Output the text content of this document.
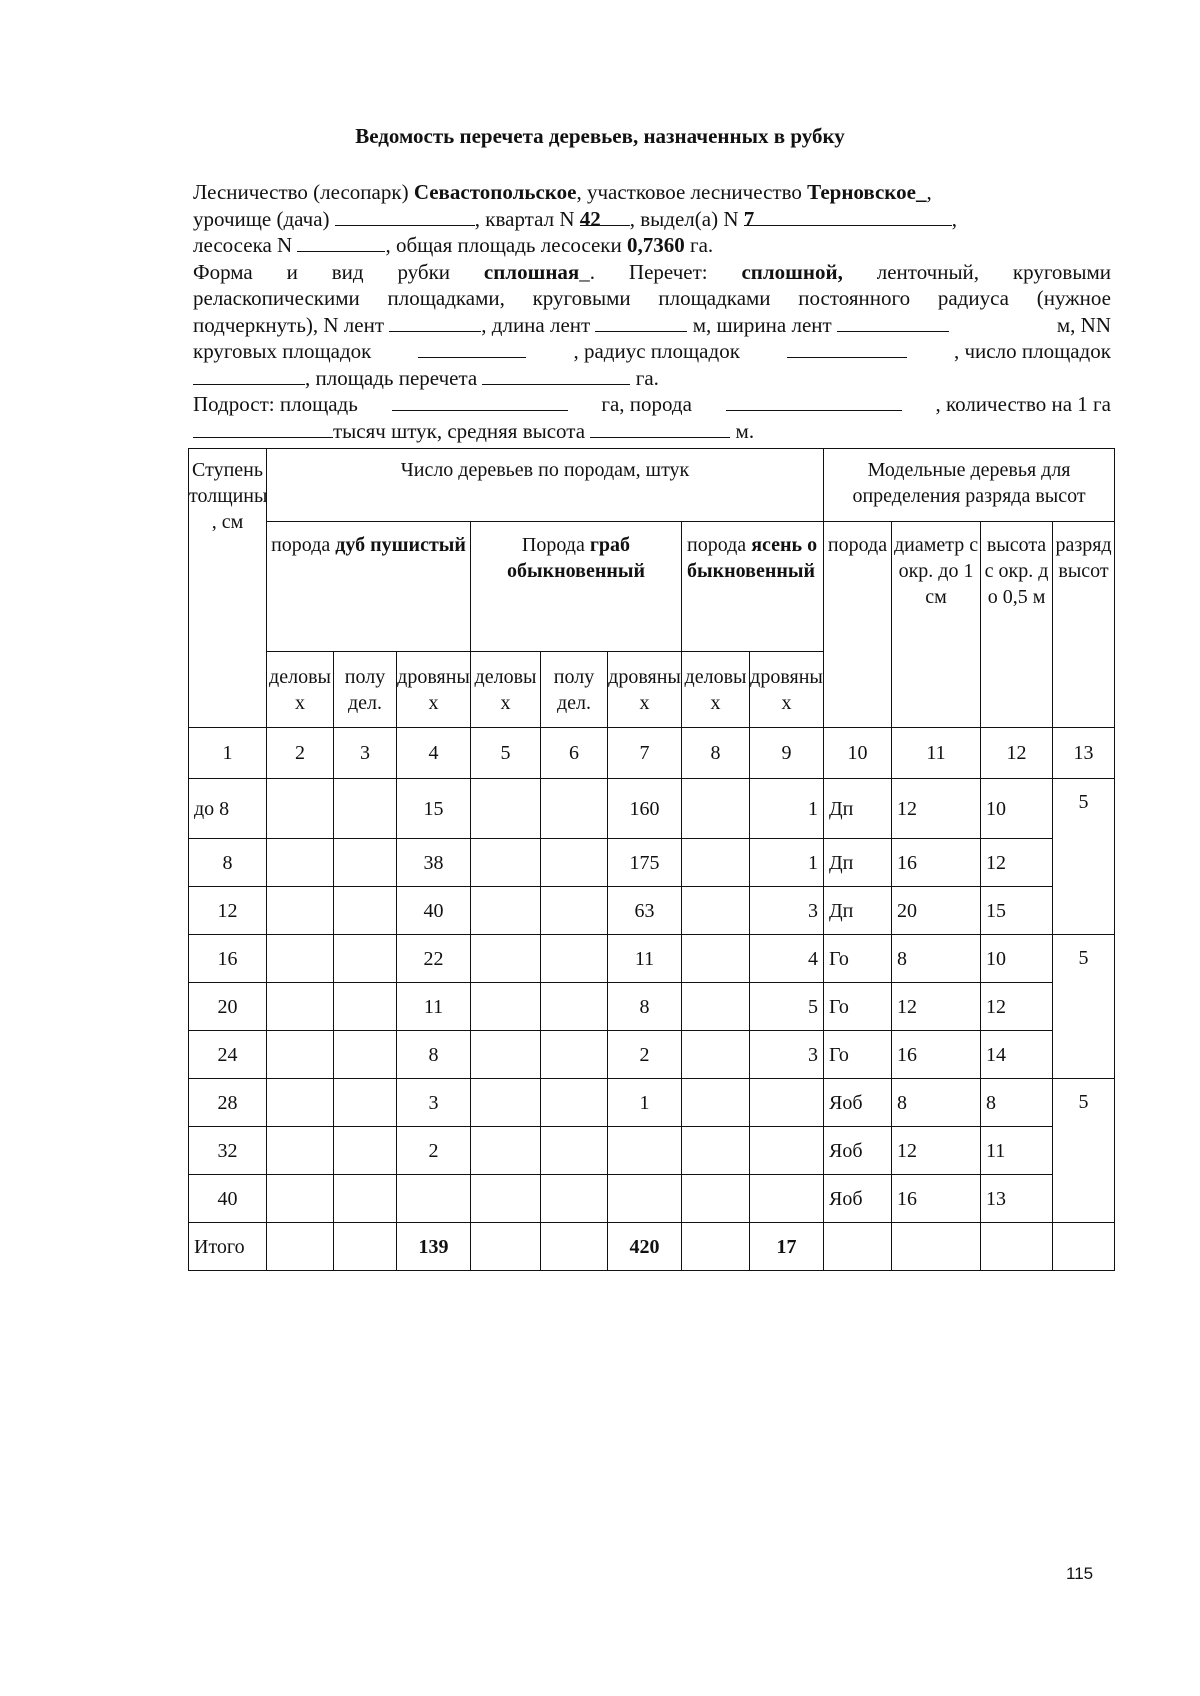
Ведомость перечета деревьев, назначенных в рубку
Лесничество (лесопарк) Севастопольское, участковое лесничество Терновское_,
урочище (дача)	, квартал N 42 , выдел(а) N 7	,
лесосека N	, общая площадь лесосеки 0,7360 га.
Форма и вид рубки сплошная_. Перечет: сплошной, ленточный, круговыми
реласкопическими площадками, круговыми площадками постоянного радиуса (нужное
подчеркнуть), N лент	, длина лент	м, ширина лент	м, NN
круговых площадок	, радиус площадок	, число площадок
, площадь перечета	га.
Подрост: площадь	га, порода	, количество на 1 га
тысяч штук, средняя высота	м.
Ступень толщины , см	Число деревьев по породам, штук								Модельные деревья для определения разряда высот			
	порода дуб пушистый			Порода граб обыкновенный			порода ясень обыкновенный		порода	диаметр с окр. до 1 см	высота с окр. до 0,5 м	разряд высот
	деловых	полу дел.	дровяных	деловых	полу дел.	дровяных	деловых	дровяных				
1	2	3	4	5	6	7	8	9	10	11	12	13
до 8			15			160		1	Дп	12	10	5
8			38			175		1	Дп	16	12	
12			40			63		3	Дп	20	15	
16			22			11		4	Го	8	10	5
20			11			8		5	Го	12	12	
24			8			2		3	Го	16	14	
28			3			1			Яоб	8	8	5
32			2						Яоб	12	11	
40									Яоб	16	13	
Итого			139			420		17				
115
